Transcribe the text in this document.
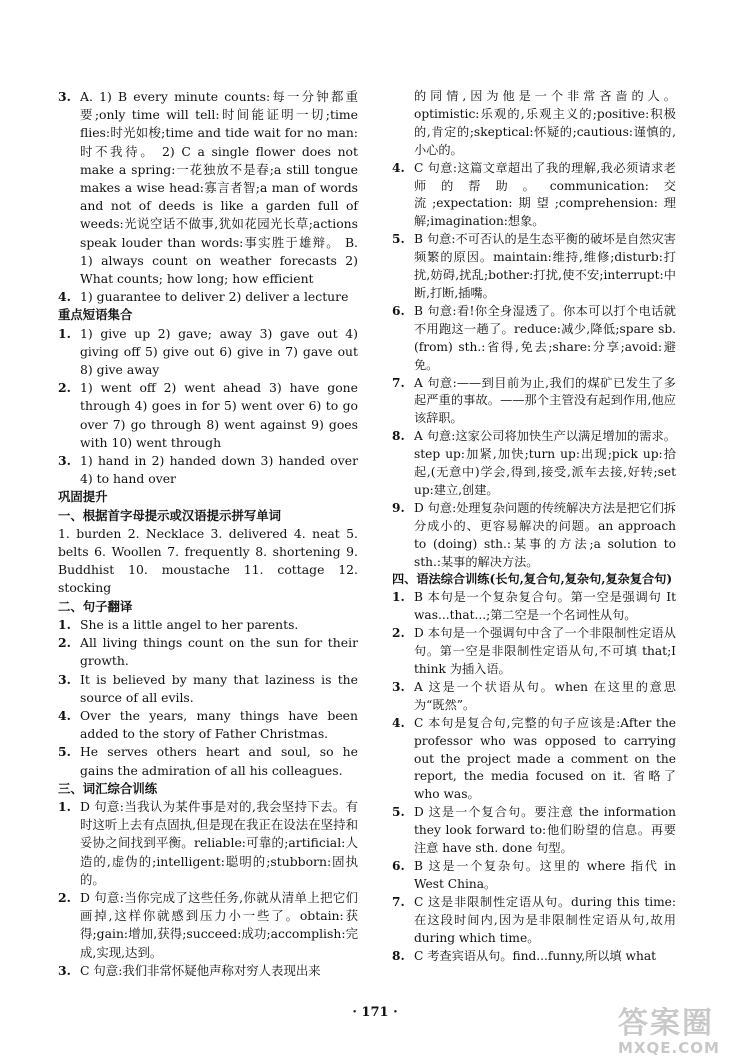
3. A. 1) B every minute counts:每一分钟都重要;only time will tell:时间能证明一切;time flies:时光如梭;time and tide wait for no man:时不我待。 2) C a single flower does not make a spring:一花独放不是春;a still tongue makes a wise head:寡言者智;a man of words and not of deeds is like a garden full of weeds:光说空话不做事,犹如花园光长草;actions speak louder than words:事实胜于雄辩。 B. 1) always count on weather forecasts 2) What counts; how long; how efficient
4. 1) guarantee to deliver 2) deliver a lecture
重点短语集合
1. 1) give up 2) gave; away 3) gave out 4) giving off 5) give out 6) give in 7) gave out 8) give away
2. 1) went off 2) went ahead 3) have gone through 4) goes in for 5) went over 6) to go over 7) go through 8) went against 9) goes with 10) went through
3. 1) hand in 2) handed down 3) handed over 4) to hand over
巩固提升
一、根据首字母提示或汉语提示拼写单词
1. burden 2. Necklace 3. delivered 4. neat 5. belts 6. Woollen 7. frequently 8. shortening 9. Buddhist 10. moustache 11. cottage 12. stocking
二、句子翻译
1. She is a little angel to her parents.
2. All living things count on the sun for their growth.
3. It is believed by many that laziness is the source of all evils.
4. Over the years, many things have been added to the story of Father Christmas.
5. He serves others heart and soul, so he gains the admiration of all his colleagues.
三、词汇综合训练
1. D 句意:当我认为某件事是对的,我会坚持下去。有时这听上去有点固执,但是现在我正在设法在坚持和妥协之间找到平衡。reliable:可靠的;artificial:人造的,虚伪的;intelligent:聪明的;stubborn:固执的。
2. D 句意:当你完成了这些任务,你就从清单上把它们画掉,这样你就感到压力小一些了。obtain:获得;gain:增加,获得;succeed:成功;accomplish:完成,实现,达到。
3. C 句意:我们非常怀疑他声称对穷人表现出来
的同情,因为他是一个非常吝啬的人。optimistic:乐观的,乐观主义的;positive:积极的,肯定的;skeptical:怀疑的;cautious:谨慎的,小心的。
4. C 句意:这篇文章超出了我的理解,我必须请求老师的帮助。communication:交流;expectation:期望;comprehension:理解;imagination:想象。
5. B 句意:不可否认的是生态平衡的破坏是自然灾害频繁的原因。maintain:维持,维修;disturb:打扰,妨碍,扰乱;bother:打扰,使不安;interrupt:中断,打断,插嘴。
6. B 句意:看!你全身湿透了。你本可以打个电话就不用跑这一趟了。reduce:减少,降低;spare sb. (from) sth.:省得,免去;share:分享;avoid:避免。
7. A 句意:——到目前为止,我们的煤矿已发生了多起严重的事故。——那个主管没有起到作用,他应该辞职。
8. A 句意:这家公司将加快生产以满足增加的需求。step up:加紧,加快;turn up:出现;pick up:拾起,(无意中)学会,得到,接受,派车去接,好转;set up:建立,创建。
9. D 句意:处理复杂问题的传统解决方法是把它们拆分成小的、更容易解决的问题。an approach to (doing) sth.:某事的方法;a solution to sth.:某事的解决方法。
四、语法综合训练(长句,复合句,复杂句,复杂复合句)
1. B 本句是一个复杂复合句。第一空是强调句 It was...that...;第二空是一个名词性从句。
2. D 本句是一个强调句中含了一个非限制性定语从句。第一空是非限制性定语从句,不可填 that;I think 为插入语。
3. A 这是一个状语从句。when 在这里的意思为“既然”。
4. C 本句是复合句,完整的句子应该是:After the professor who was opposed to carrying out the project made a comment on the report, the media focused on it. 省略了 who was。
5. D 这是一个复合句。要注意 the information they look forward to:他们盼望的信息。再要注意 have sth. done 句型。
6. B 这是一个复杂句。这里的 where 指代 in West China。
7. C 这是非限制性定语从句。during this time:在这段时间内,因为是非限制性定语从句,故用 during which time。
8. C 考查宾语从句。find...funny,所以填 what
· 171 ·	答案圈
MXQE.COM
